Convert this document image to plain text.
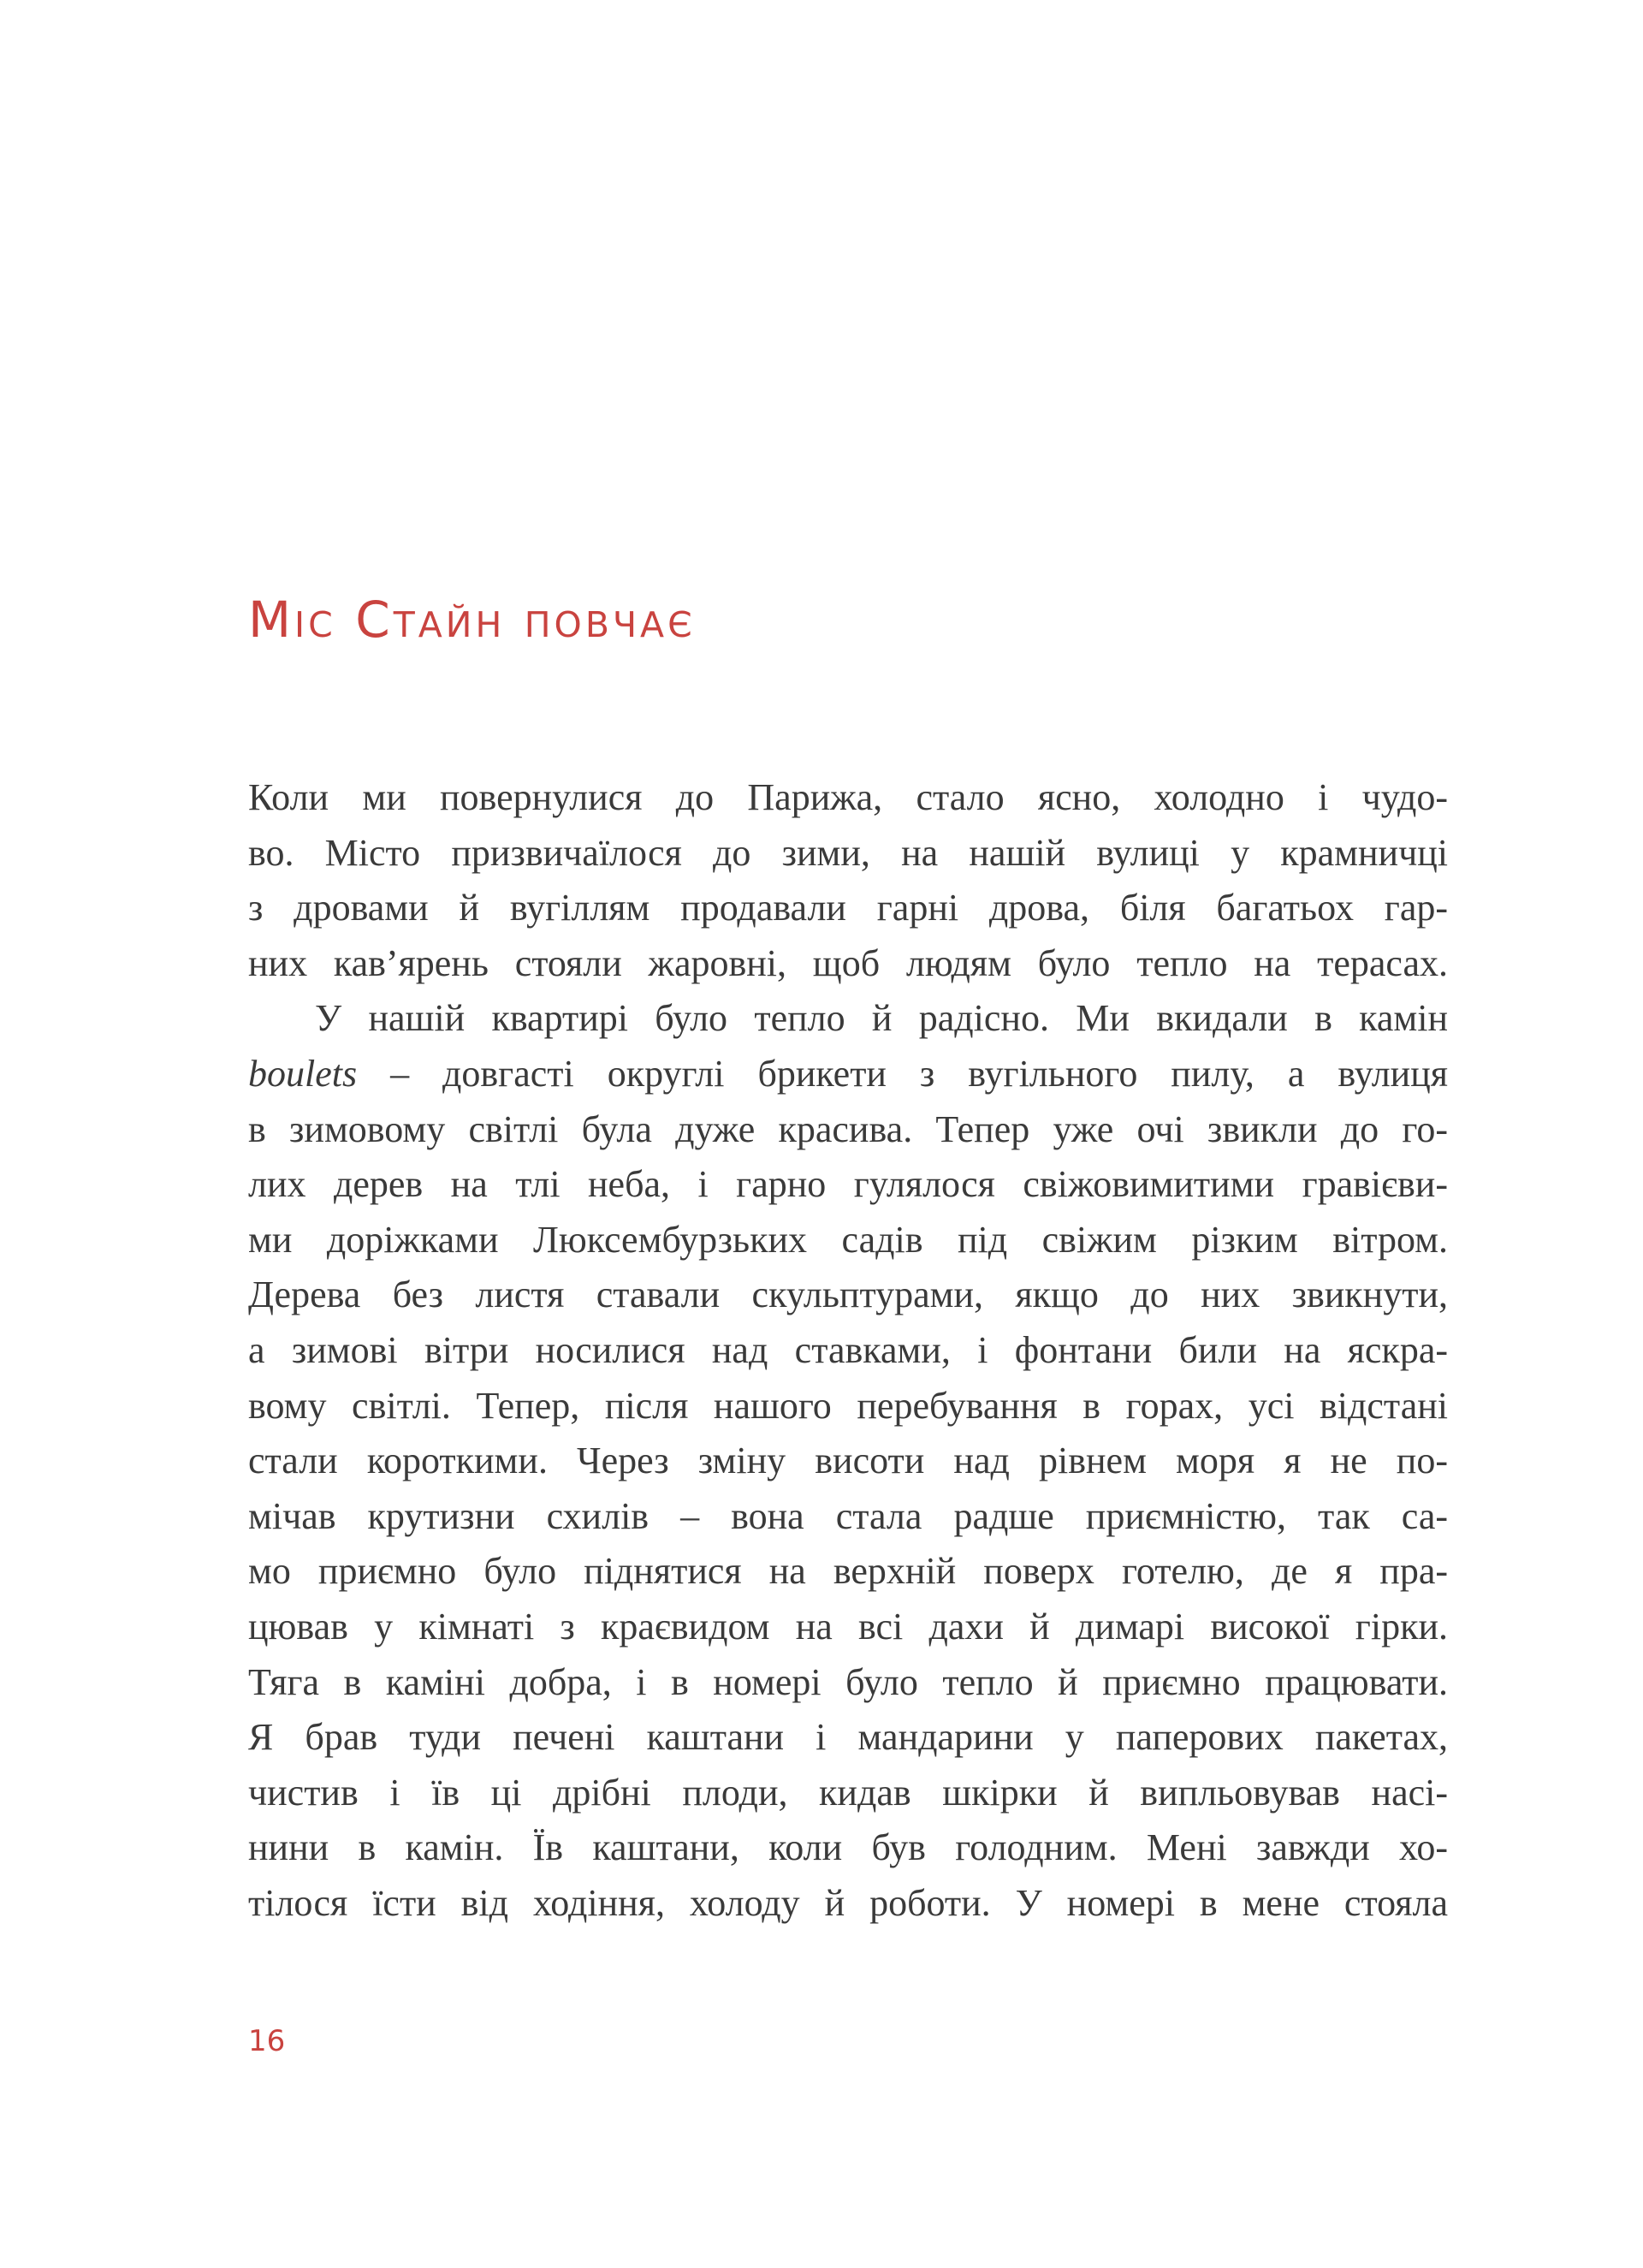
Міс Стайн повчає
Коли ми повернулися до Парижа, стало ясно, холодно і чудо-
во. Місто призвичаїлося до зими, на нашій вулиці у крамничці
з дровами й вугіллям продавали гарні дрова, біля багатьох гар-
них кав’ярень стояли жаровні, щоб людям було тепло на терасах.
У нашій квартирі було тепло й радісно. Ми вкидали в камін
boulets – довгасті округлі брикети з вугільного пилу, а вулиця
в зимовому світлі була дуже красива. Тепер уже очі звикли до го-
лих дерев на тлі неба, і гарно гулялося свіжовимитими гравієви-
ми доріжками Люксембурзьких садів під свіжим різким вітром.
Дерева без листя ставали скульптурами, якщо до них звикнути,
а зимові вітри носилися над ставками, і фонтани били на яскра-
вому світлі. Тепер, після нашого перебування в горах, усі відстані
стали короткими. Через зміну висоти над рівнем моря я не по-
мічав крутизни схилів – вона стала радше приємністю, так са-
мо приємно було піднятися на верхній поверх готелю, де я пра-
цював у кімнаті з краєвидом на всі дахи й димарі високої гірки.
Тяга в каміні добра, і в номері було тепло й приємно працювати.
Я брав туди печені каштани і мандарини у паперових пакетах,
чистив і їв ці дрібні плоди, кидав шкірки й випльовував насі-
нини в камін. Їв каштани, коли був голодним. Мені завжди хо-
тілося їсти від ходіння, холоду й роботи. У номері в мене стояла
16
